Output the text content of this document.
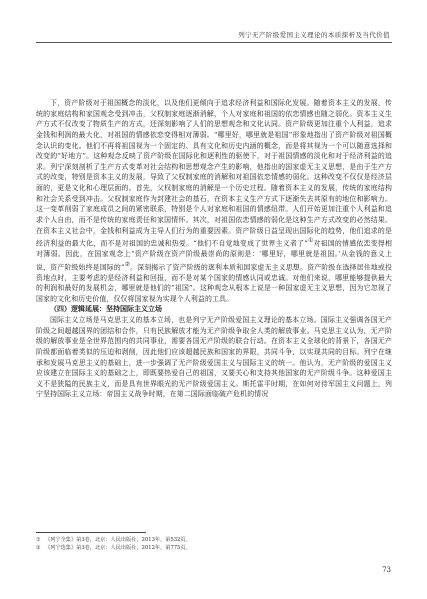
列宁无产阶级爱国主义理论的本质探析及当代价值

下，资产阶级对于祖国概念的淡化，以及他们更倾向于追求经济利益和国际化发展。随着资本主义的发展，传统的家庭结构和家国观念受到冲击，父权制家庭逐渐消解，个人对家庭和祖国的依恋情感也随之弱化。资本主义生产方式不仅改变了物质生产的方式，还深刻影响了人们的思想观念和文化认同。资产阶级更加注重个人利益，追求金钱和利润的最大化，对祖国的情感依恋变得相对薄弱。“哪里好，哪里就是祖国”形象地指出了资产阶级对祖国概念认识的变化。他们不再将祖国视为一个固定的、具有文化和历史内涵的概念，而是将其视为一个可以随意选择和改变的“好地方”。这种观念反映了资产阶级在国际化和逐利性的驱使下，对于祖国情感的淡化和对于经济利益的追求。列宁深刻剖析了生产方式变革对社会结构和思想观念产生的影响，他指出的国家虚无主义思想，是由于生产方式的改变，特别是资本主义的发展，导致了父权制家庭的消解和对祖国依恋情感的弱化。这种改变不仅仅是经济层面的，更是文化和心理层面的。首先，父权制家庭的消解是一个历史过程。随着资本主义的发展，传统的家庭结构和社会关系受到冲击。父权制家庭作为封建社会的基石，在资本主义生产方式下逐渐失去其原有的地位和影响力。这一变革削弱了家庭成员之间的紧密联系，特别是个人对家庭和祖国的情感纽带。人们开始更加注重个人利益和追求个人自由，而不是传统的家庭责任和家国情怀。其次，对祖国依恋情感的弱化是这种生产方式改变的必然结果。在资本主义社会中，金钱和利益成为主导人们行为的重要因素。资产阶级日益呈现出国际化的趋势，他们追求的是经济利益的最大化，而不是对祖国的忠诚和热爱。“他们不自觉地变成了世界主义者了”①对祖国的情感依恋变得相对薄弱。因此，在国家观念上“资产阶级在资产阶级最崇尚的原则是：‘哪里好，哪里就是祖国。’从金钱的意义上说，资产阶级始终是国际的”②。深刻揭示了资产阶级的逐利本质和国家虚无主义思想。资产阶级在选择居住地或投资地点时，主要考虑的是经济利益和回报，而不是对某个国家的情感认同或忠诚。对他们来说，哪里能够提供最大的利润和最好的发展机会，哪里就是他们的“祖国”。这种观念从根本上说是一种国家虚无主义思想，因为它忽视了国家的文化和历史价值，仅仅将国家视为实现个人利益的工具。

（四）逻辑延展：坚持国际主义立场

国际主义立场是马克思主义的基本立场，也是列宁无产阶级爱国主义理论的基本立场。国际主义强调各国无产阶级之间超越国界的团结和合作，只有民族解放才能为无产阶级争取全人类的解放事业。马克思主义认为，无产阶级的解放事业是全世界范围内的共同事业，需要各国无产阶级的联合行动。在资本主义全球化的背景下，各国无产阶级都面临着类似的压迫和剥削，因此他们应该超越民族和国家的界限，共同斗争，以实现共同的目标。列宁在继承和发展马克思主义的基础上，进一步强调了无产阶级爱国主义与国际主义的统一。他认为，无产阶级的爱国主义应该建立在国际主义的基础之上，即既要热爱自己的祖国，又要关心和支持其他国家的无产阶级斗争。这种爱国主义不是狭隘的民族主义，而是具有世界眼光的无产阶级爱国主义。斯托雷平时期，在如何对待军国主义问题上，列宁坚持国际主义立场：帝国主义战争时期，在第二国际面临破产危机的情况

① 《列宁全集》第3卷，北京：人民出版社，2013年，第532页。

② 《列宁选集》第3卷，北京：人民出版社，2012年，第775页。

73
